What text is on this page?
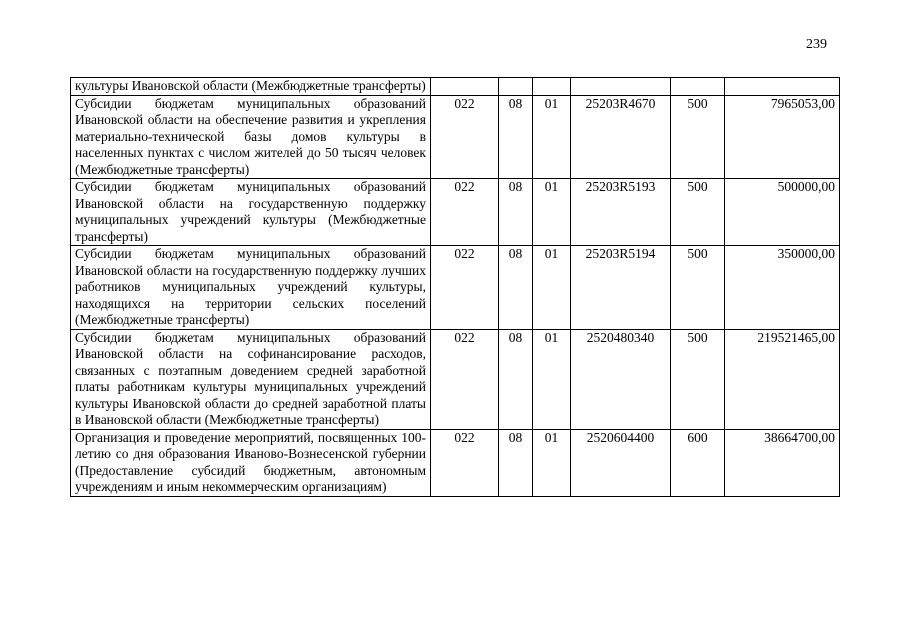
239
культуры Ивановской области (Межбюджетные трансферты)						
Субсидии бюджетам муниципальных образований Ивановской области на обеспечение развития и укрепления материально-технической базы домов культуры в населенных пунктах с числом жителей до 50 тысяч человек (Межбюджетные трансферты)	022	08	01	25203R4670	500	7965053,00
Субсидии бюджетам муниципальных образований Ивановской области на государственную поддержку муниципальных учреждений культуры (Межбюджетные трансферты)	022	08	01	25203R5193	500	500000,00
Субсидии бюджетам муниципальных образований Ивановской области на государственную поддержку лучших работников муниципальных учреждений культуры, находящихся на территории сельских поселений (Межбюджетные трансферты)	022	08	01	25203R5194	500	350000,00
Субсидии бюджетам муниципальных образований Ивановской области на софинансирование расходов, связанных с поэтапным доведением средней заработной платы работникам культуры муниципальных учреждений культуры Ивановской области до средней заработной платы в Ивановской области (Межбюджетные трансферты)	022	08	01	2520480340	500	219521465,00
Организация и проведение мероприятий, посвященных 100-летию со дня образования Иваново-Вознесенской губернии (Предоставление субсидий бюджетным, автономным учреждениям и иным некоммерческим организациям)	022	08	01	2520604400	600	38664700,00
